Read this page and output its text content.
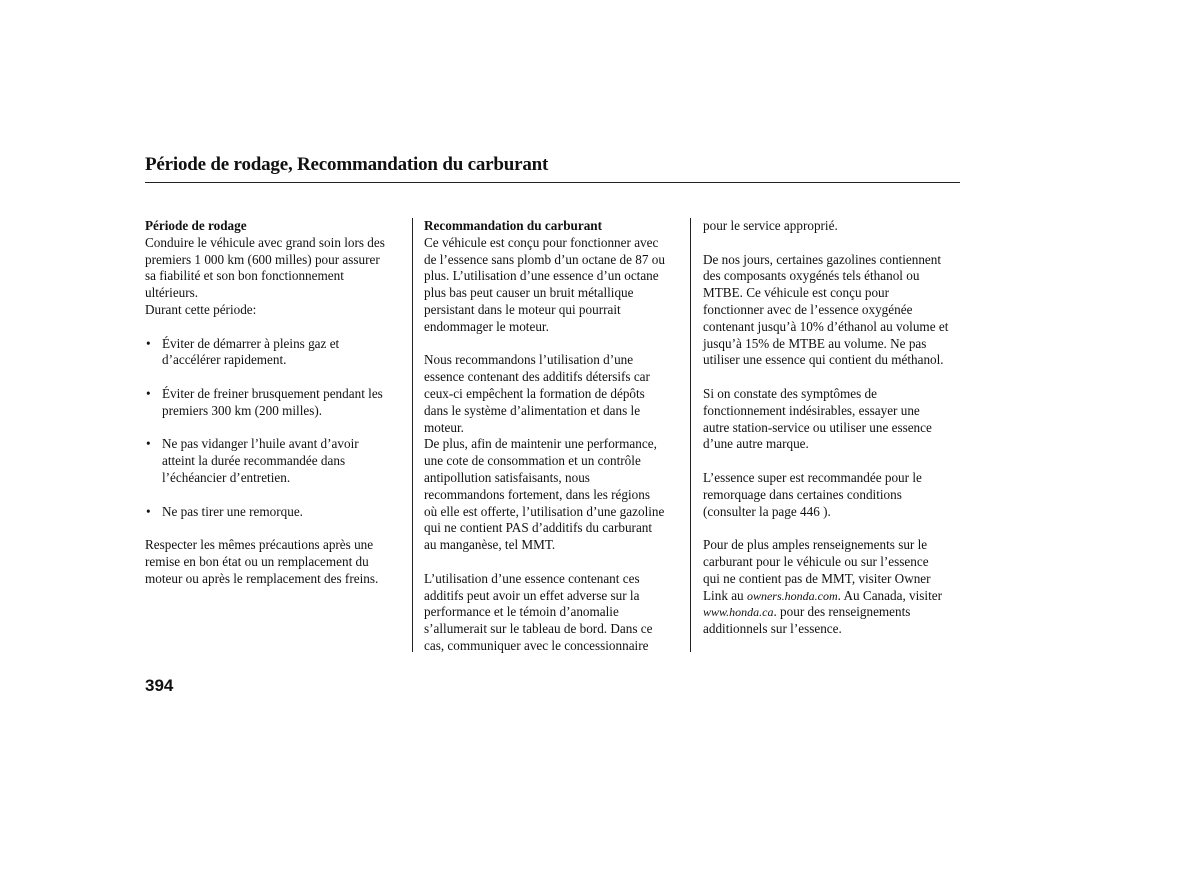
Période de rodage, Recommandation du carburant
Période de rodage
Conduire le véhicule avec grand soin lors des
premiers 1 000 km (600 milles) pour assurer
sa fiabilité et son bon fonctionnement
ultérieurs.
Durant cette période:
• Éviter de démarrer à pleins gaz et
d’accélérer rapidement.
• Éviter de freiner brusquement pendant les
premiers 300 km (200 milles).
• Ne pas vidanger l’huile avant d’avoir
atteint la durée recommandée dans
l’échéancier d’entretien.
• Ne pas tirer une remorque.
Respecter les mêmes précautions après une
remise en bon état ou un remplacement du
moteur ou après le remplacement des freins.
Recommandation du carburant
Ce véhicule est conçu pour fonctionner avec
de l’essence sans plomb d’un octane de 87 ou
plus. L’utilisation d’une essence d’un octane
plus bas peut causer un bruit métallique
persistant dans le moteur qui pourrait
endommager le moteur.
Nous recommandons l’utilisation d’une
essence contenant des additifs détersifs car
ceux-ci empêchent la formation de dépôts
dans le système d’alimentation et dans le
moteur.
De plus, afin de maintenir une performance,
une cote de consommation et un contrôle
antipollution satisfaisants, nous
recommandons fortement, dans les régions
où elle est offerte, l’utilisation d’une gazoline
qui ne contient PAS d’additifs du carburant
au manganèse, tel MMT.
L’utilisation d’une essence contenant ces
additifs peut avoir un effet adverse sur la
performance et le témoin d’anomalie
s’allumerait sur le tableau de bord. Dans ce
cas, communiquer avec le concessionnaire
pour le service approprié.
De nos jours, certaines gazolines contiennent
des composants oxygénés tels éthanol ou
MTBE. Ce véhicule est conçu pour
fonctionner avec de l’essence oxygénée
contenant jusqu’à 10% d’éthanol au volume et
jusqu’à 15% de MTBE au volume. Ne pas
utiliser une essence qui contient du méthanol.
Si on constate des symptômes de
fonctionnement indésirables, essayer une
autre station-service ou utiliser une essence
d’une autre marque.
L’essence super est recommandée pour le
remorquage dans certaines conditions
(consulter la page 446 ).
Pour de plus amples renseignements sur le
carburant pour le véhicule ou sur l’essence
qui ne contient pas de MMT, visiter Owner
Link au owners.honda.com. Au Canada, visiter
www.honda.ca. pour des renseignements
additionnels sur l’essence.
394
